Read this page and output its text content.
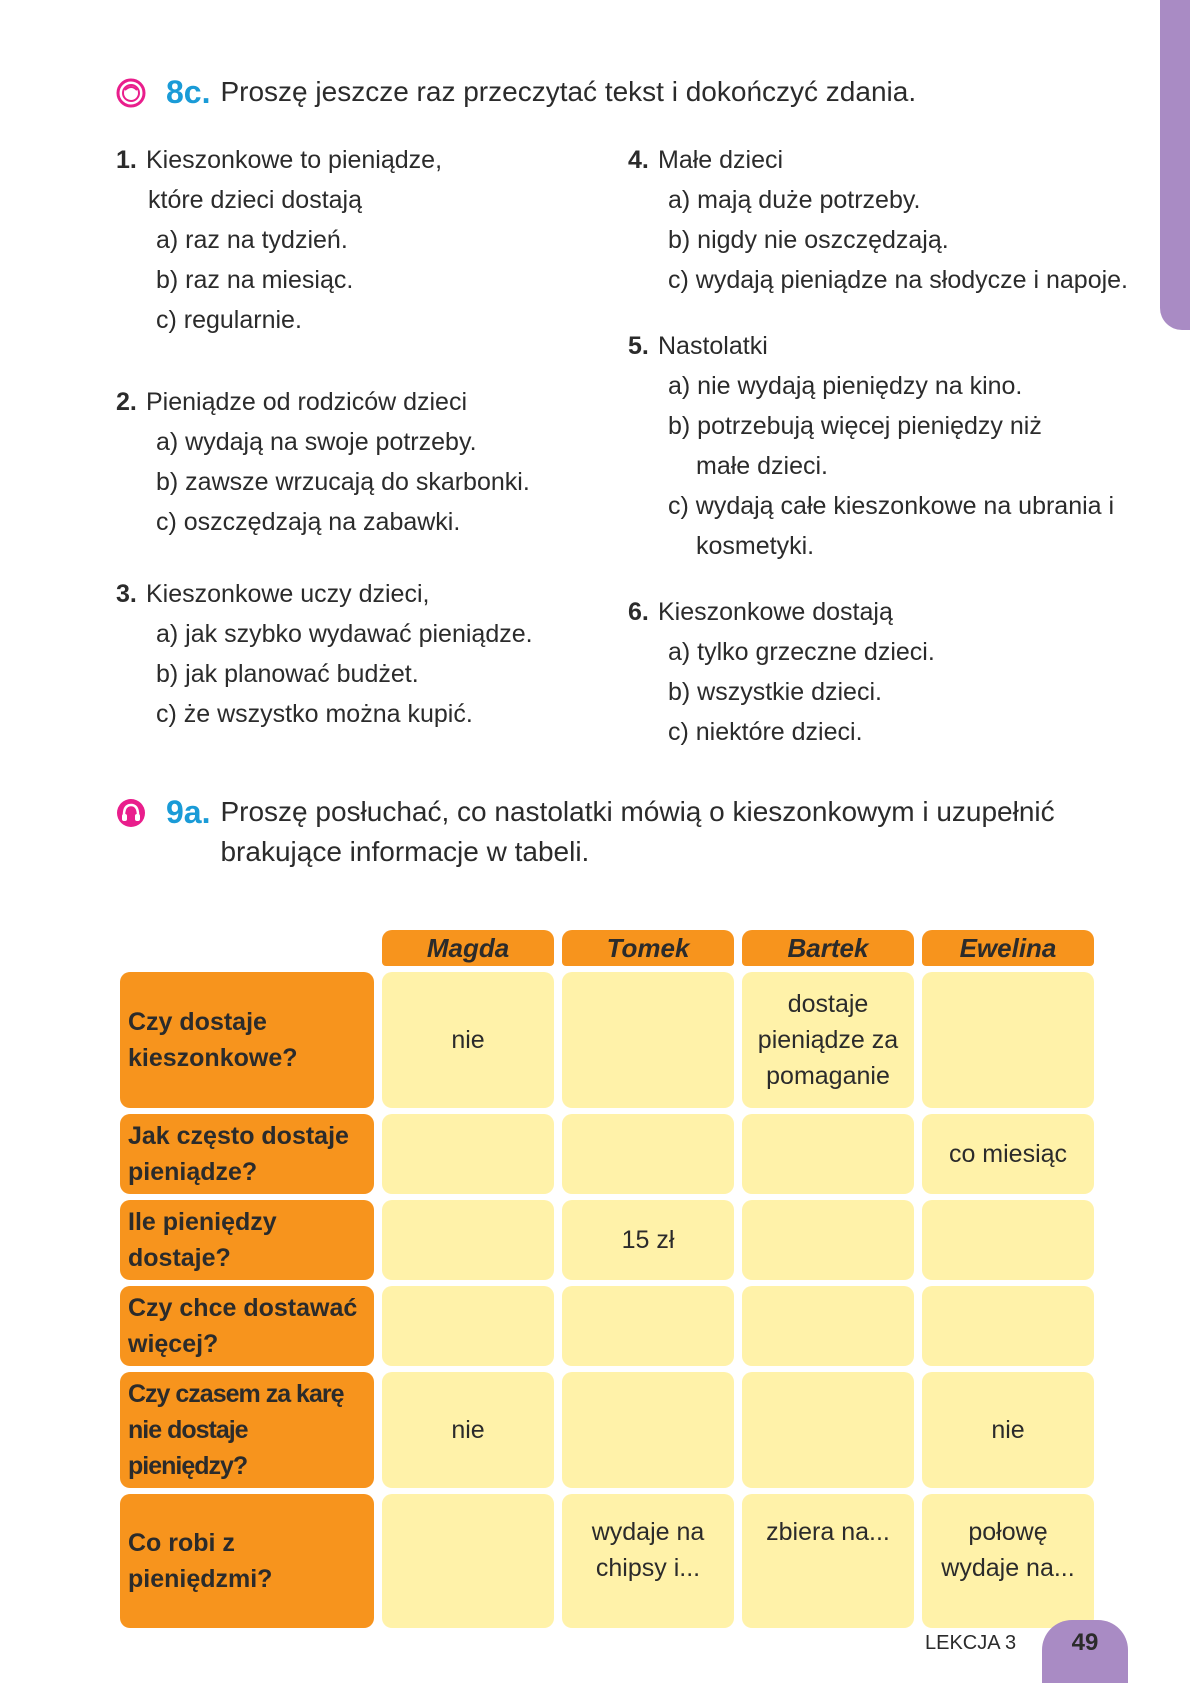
8c. Proszę jeszcze raz przeczytać tekst i dokończyć zdania.
1. Kieszonkowe to pieniądze,
które dzieci dostają
a) raz na tydzień.
b) raz na miesiąc.
c) regularnie.
2. Pieniądze od rodziców dzieci
a) wydają na swoje potrzeby.
b) zawsze wrzucają do skarbonki.
c) oszczędzają na zabawki.
3. Kieszonkowe uczy dzieci,
a) jak szybko wydawać pieniądze.
b) jak planować budżet.
c) że wszystko można kupić.
4. Małe dzieci
a) mają duże potrzeby.
b) nigdy nie oszczędzają.
c) wydają pieniądze na słodycze i napoje.
5. Nastolatki
a) nie wydają pieniędzy na kino.
b) potrzebują więcej pieniędzy niż małe dzieci.
c) wydają całe kieszonkowe na ubrania i kosmetyki.
6. Kieszonkowe dostają
a) tylko grzeczne dzieci.
b) wszystkie dzieci.
c) niektóre dzieci.
9a. Proszę posłuchać, co nastolatki mówią o kieszonkowym i uzupełnić brakujące informacje w tabeli.
	Magda	Tomek	Bartek	Ewelina
Czy dostaje kieszonkowe?	nie		dostaje pieniądze za pomaganie	
Jak często dostaje pieniądze?				co miesiąc
Ile pieniędzy dostaje?		15 zł		
Czy chce dostawać więcej?				
Czy czasem za karę nie dostaje pieniędzy?	nie			nie
Co robi z pieniędzmi?		wydaje na chipsy i...	zbiera na...	połowę wydaje na...
LEKCJA 3	49
